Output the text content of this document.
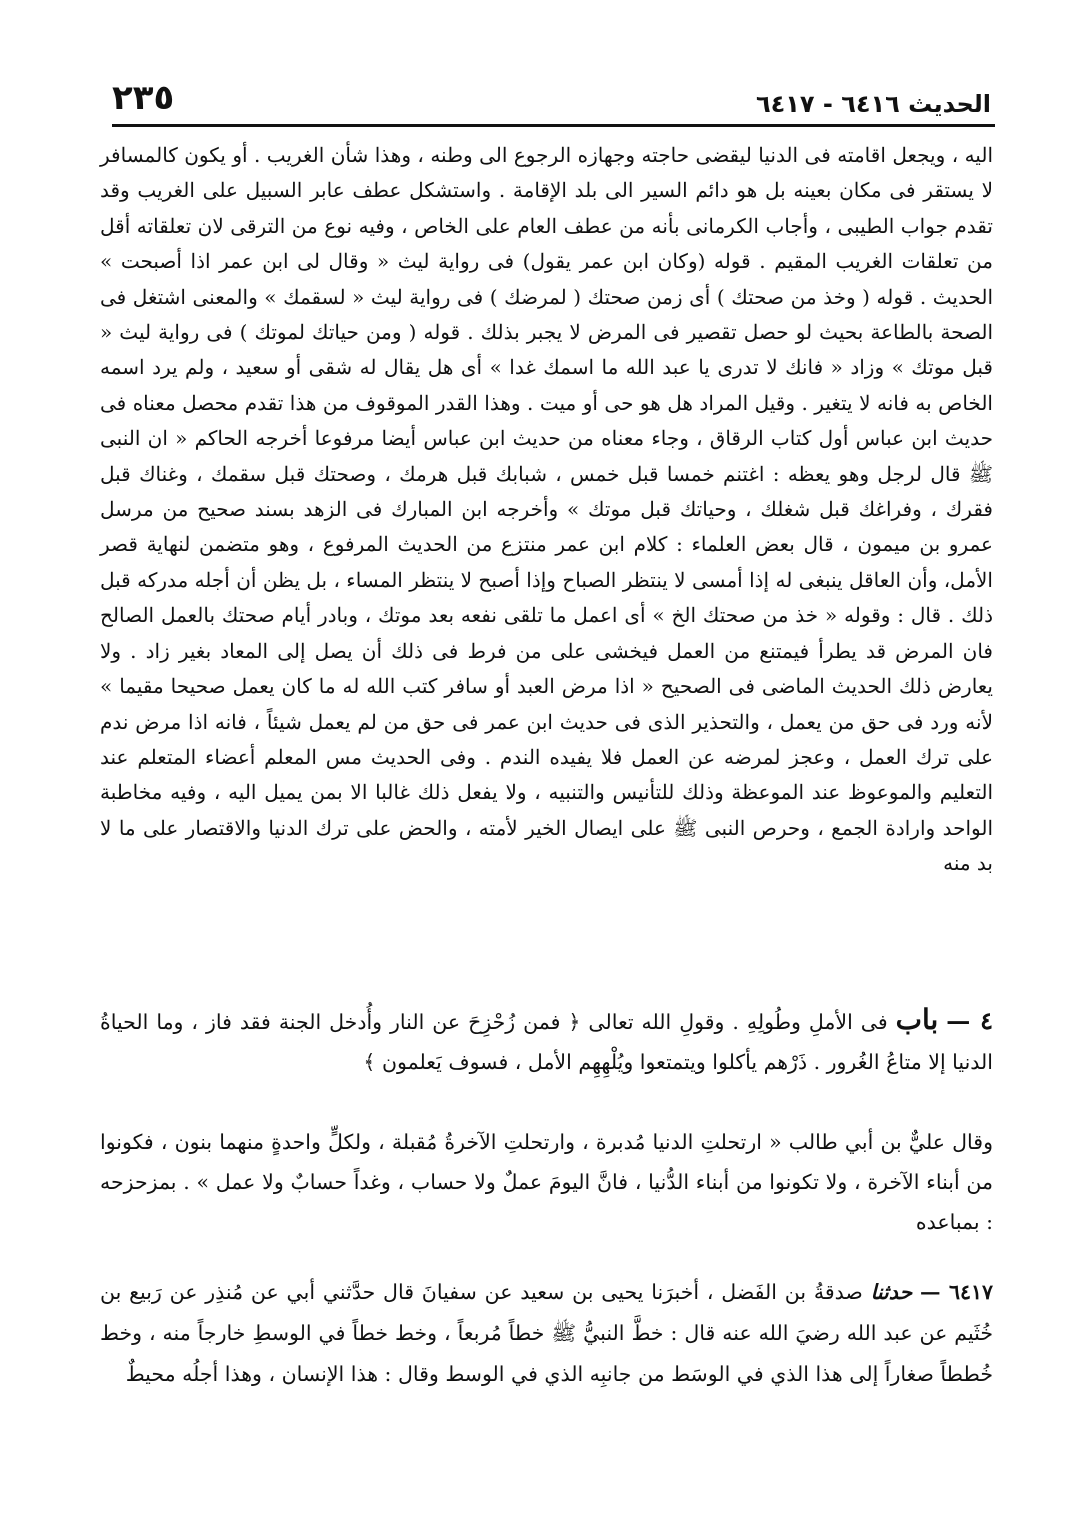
الحديث ٦٤١٦ - ٦٤١٧
٢٣٥

اليه ، ويجعل اقامته فى الدنيا ليقضى حاجته وجهازه الرجوع الى وطنه ، وهذا شأن الغريب . أو يكون كالمسافر لا يستقر فى مكان بعينه بل هو دائم السير الى بلد الإقامة . واستشكل عطف عابر السبيل على الغريب وقد تقدم جواب الطيبى ، وأجاب الكرمانى بأنه من عطف العام على الخاص ، وفيه نوع من الترقى لان تعلقاته أقل من تعلقات الغريب المقيم . قوله (وكان ابن عمر يقول) فى رواية ليث « وقال لى ابن عمر اذا أصبحت » الحديث . قوله ( وخذ من صحتك ) أى زمن صحتك ( لمرضك ) فى رواية ليث « لسقمك » والمعنى اشتغل فى الصحة بالطاعة بحيث لو حصل تقصير فى المرض لا يجبر بذلك . قوله ( ومن حياتك لموتك ) فى رواية ليث « قبل موتك » وزاد « فانك لا تدرى يا عبد الله ما اسمك غدا » أى هل يقال له شقى أو سعيد ، ولم يرد اسمه الخاص به فانه لا يتغير . وقيل المراد هل هو حى أو ميت . وهذا القدر الموقوف من هذا تقدم محصل معناه فى حديث ابن عباس أول كتاب الرقاق ، وجاء معناه من حديث ابن عباس أيضا مرفوعا أخرجه الحاكم « ان النبى ﷺ قال لرجل وهو يعظه : اغتنم خمسا قبل خمس ، شبابك قبل هرمك ، وصحتك قبل سقمك ، وغناك قبل فقرك ، وفراغك قبل شغلك ، وحياتك قبل موتك » وأخرجه ابن المبارك فى الزهد بسند صحيح من مرسل عمرو بن ميمون ، قال بعض العلماء : كلام ابن عمر منتزع من الحديث المرفوع ، وهو متضمن لنهاية قصر الأمل، وأن العاقل ينبغى له إذا أمسى لا ينتظر الصباح وإذا أصبح لا ينتظر المساء ، بل يظن أن أجله مدركه قبل ذلك . قال : وقوله « خذ من صحتك الخ » أى اعمل ما تلقى نفعه بعد موتك ، وبادر أيام صحتك بالعمل الصالح فان المرض قد يطرأ فيمتنع من العمل فيخشى على من فرط فى ذلك أن يصل إلى المعاد بغير زاد . ولا يعارض ذلك الحديث الماضى فى الصحيح « اذا مرض العبد أو سافر كتب الله له ما كان يعمل صحيحا مقيما » لأنه ورد فى حق من يعمل ، والتحذير الذى فى حديث ابن عمر فى حق من لم يعمل شيئاً ، فانه اذا مرض ندم على ترك العمل ، وعجز لمرضه عن العمل فلا يفيده الندم . وفى الحديث مس المعلم أعضاء المتعلم عند التعليم والموعوظ عند الموعظة وذلك للتأنيس والتنبيه ، ولا يفعل ذلك غالبا الا بمن يميل اليه ، وفيه مخاطبة الواحد وارادة الجمع ، وحرص النبى ﷺ على ايصال الخير لأمته ، والحض على ترك الدنيا والاقتصار على ما لا بد منه

٤ — باب فى الأملِ وطُولِهِ . وقولِ الله تعالى ﴿ فمن زُحْزِحَ عن النار وأُدخل الجنة فقد فاز ، وما الحياةُ الدنيا إلا متاعُ الغُرور . ذَرْهم يأكلوا ويتمتعوا ويُلْهِهِم الأمل ، فسوف يَعلمون ﴾

وقال عليٌّ بن أبي طالب « ارتحلتِ الدنيا مُدبرة ، وارتحلتِ الآخرةُ مُقبلة ، ولكلٍّ واحدةٍ منهما بنون ، فكونوا من أبناء الآخرة ، ولا تكونوا من أبناء الدُّنيا ، فانَّ اليومَ عملٌ ولا حساب ، وغداً حسابٌ ولا عمل » . بمزحزحه : بمباعده

٦٤١٧ — حدثنا صدقةُ بن الفَضل ، أخبرَنا يحيى بن سعيد عن سفيانَ قال حدَّثني أبي عن مُنذِر عن رَبيع بن خُثَيم عن عبد الله رضيَ الله عنه قال : خطَّ النبيُّ ﷺ خطاً مُربعاً ، وخط خطاً في الوسطِ خارجاً منه ، وخط خُططاً صغاراً إلى هذا الذي في الوسَط من جانبِه الذي في الوسط وقال : هذا الإنسان ، وهذا أجلُه محيطٌ
